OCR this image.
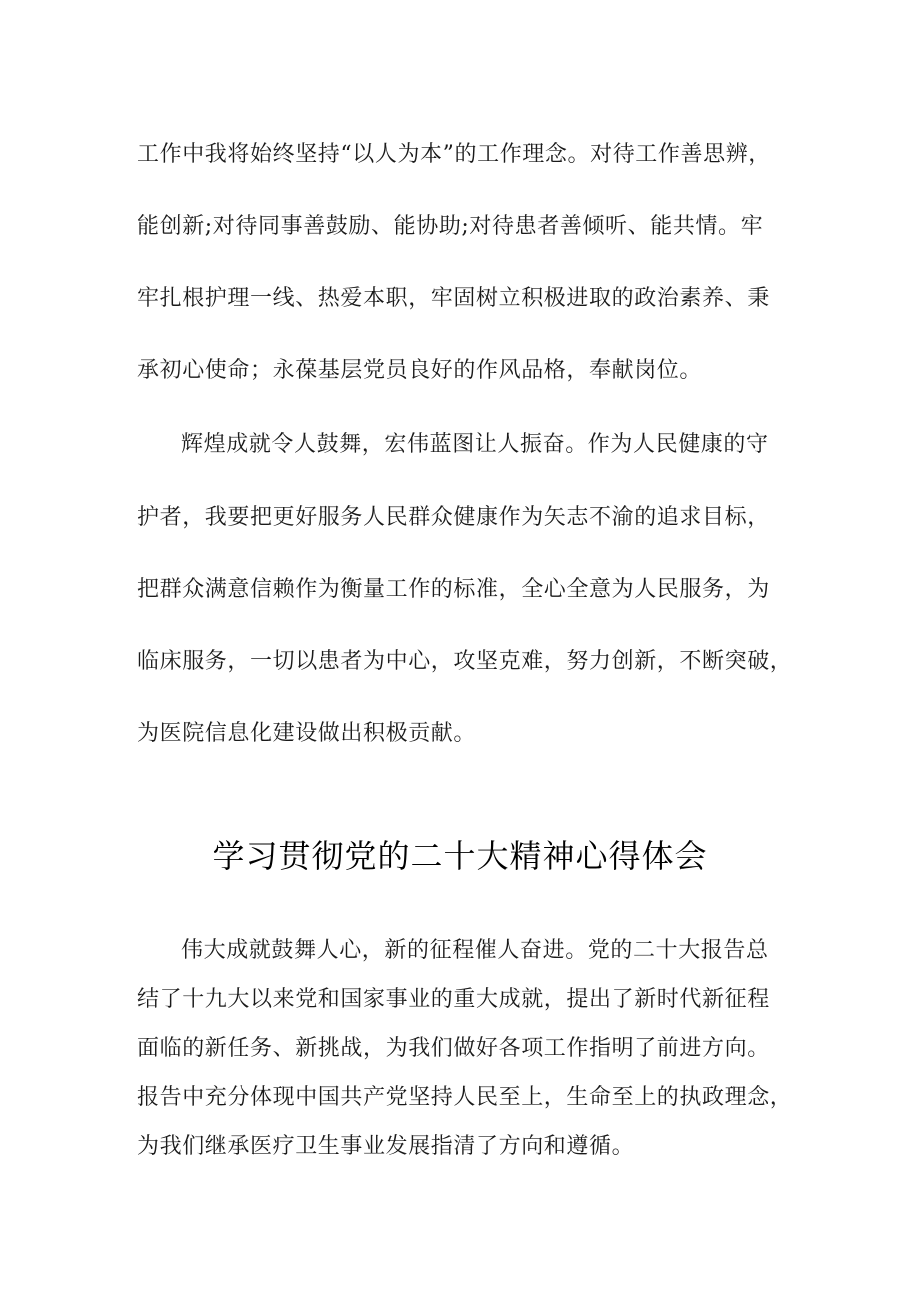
工作中我将始终坚持“以人为本”的工作理念。对待工作善思辨，
能创新;对待同事善鼓励、能协助;对待患者善倾听、能共情。牢
牢扎根护理一线、热爱本职，牢固树立积极进取的政治素养、秉
承初心使命；永葆基层党员良好的作风品格，奉献岗位。
辉煌成就令人鼓舞，宏伟蓝图让人振奋。作为人民健康的守
护者，我要把更好服务人民群众健康作为矢志不渝的追求目标，
把群众满意信赖作为衡量工作的标准，全心全意为人民服务，为
临床服务，一切以患者为中心，攻坚克难，努力创新，不断突破，
为医院信息化建设做出积极贡献。
学习贯彻党的二十大精神心得体会
伟大成就鼓舞人心，新的征程催人奋进。党的二十大报告总
结了十九大以来党和国家事业的重大成就，提出了新时代新征程
面临的新任务、新挑战，为我们做好各项工作指明了前进方向。
报告中充分体现中国共产党坚持人民至上，生命至上的执政理念，
为我们继承医疗卫生事业发展指清了方向和遵循。
